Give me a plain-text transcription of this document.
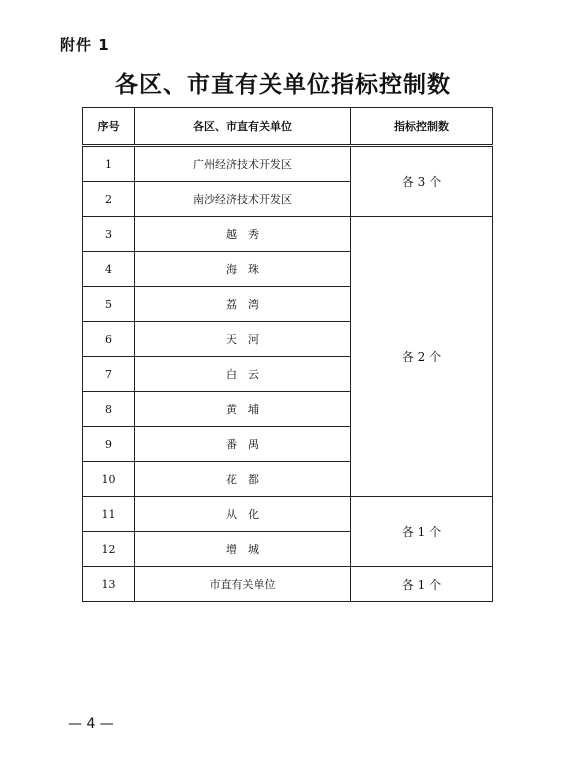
附件 1
各区、市直有关单位指标控制数
序号	各区、市直有关单位	指标控制数
1	广州经济技术开发区	各 3 个
2	南沙经济技术开发区	
3	越　秀	各 2 个
4	海　珠	
5	荔　湾	
6	天　河	
7	白　云	
8	黄　埔	
9	番　禺	
10	花　都	
11	从　化	各 1 个
12	增　城	
13	市直有关单位	各 1 个
— 4 —
